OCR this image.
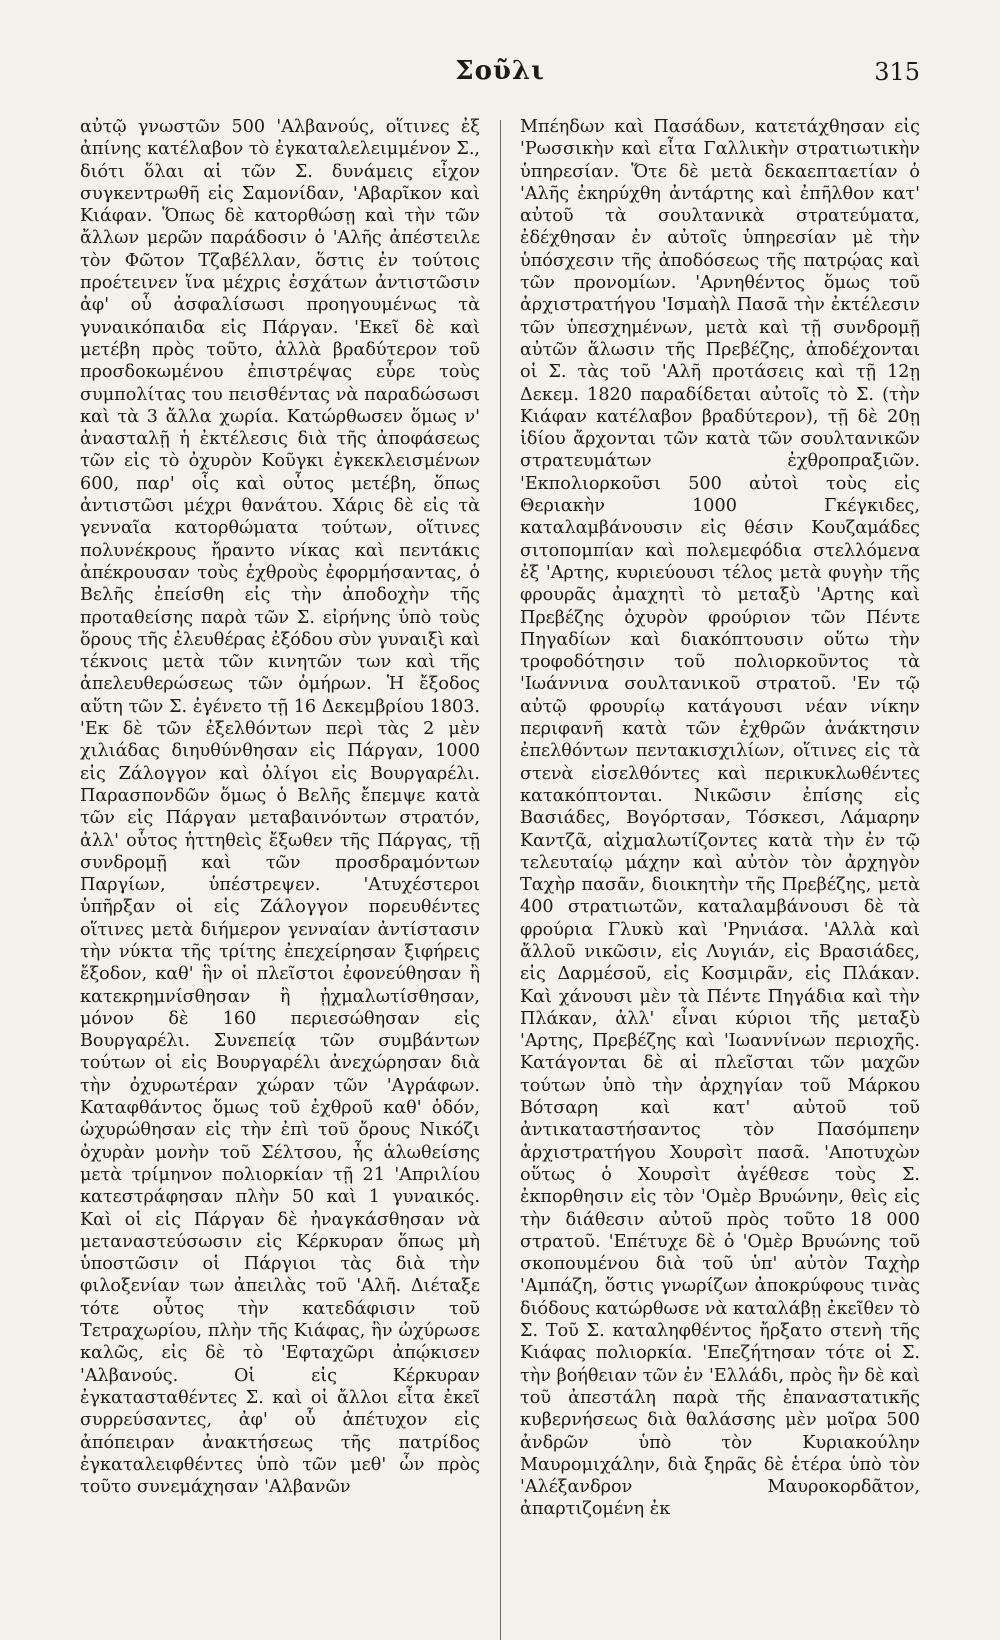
Σοῦλι	315

αὐτῷ γνωστῶν 500 'Αλβανούς, οἵτινες ἐξ ἀπίνης κατέλαβον τὸ ἐγκαταλελειμμένον Σ., διότι ὅλαι αἱ τῶν Σ. δυνάμεις εἶχον συγκεντρωθῆ εἰς Σαμονίδαν, 'Αβαρῖκον καὶ Κιάφαν. Ὅπως δὲ κατορθώσῃ καὶ τὴν τῶν ἄλλων μερῶν παράδοσιν ὁ 'Αλῆς ἀπέστειλε τὸν Φῶτον Τζαβέλλαν, ὅστις ἐν τούτοις προέτεινεν ἵνα μέχρις ἐσχάτων ἀντιστῶσιν ἀφ' οὗ ἀσφαλίσωσι προηγουμένως τὰ γυναικόπαιδα εἰς Πάργαν. 'Εκεῖ δὲ καὶ μετέβη πρὸς τοῦτο, ἀλλὰ βραδύτερον τοῦ προσδοκωμένου ἐπιστρέψας εὗρε τοὺς συμπολίτας του πεισθέντας νὰ παραδώσωσι καὶ τὰ 3 ἄλλα χωρία. Κατώρθωσεν ὅμως ν' ἀνασταλῇ ἡ ἐκτέλεσις διὰ τῆς ἀποφάσεως τῶν εἰς τὸ ὀχυρὸν Κοῦγκι ἐγκεκλεισμένων 600, παρ' οἷς καὶ οὗτος μετέβη, ὅπως ἀντιστῶσι μέχρι θανάτου. Χάρις δὲ εἰς τὰ γενναῖα κατορθώματα τούτων, οἵτινες πολυνέκρους ἤραντο νίκας καὶ πεντάκις ἀπέκρουσαν τοὺς ἐχθροὺς ἐφορμήσαντας, ὁ Βελῆς ἐπείσθη εἰς τὴν ἀποδοχὴν τῆς προταθείσης παρὰ τῶν Σ. εἰρήνης ὑπὸ τοὺς ὅρους τῆς ἐλευθέρας ἐξόδου σὺν γυναιξὶ καὶ τέκνοις μετὰ τῶν κινητῶν των καὶ τῆς ἀπελευθερώσεως τῶν ὁμήρων. Ἡ ἔξοδος αὕτη τῶν Σ. ἐγένετο τῇ 16 Δεκεμβρίου 1803. 'Εκ δὲ τῶν ἐξελθόντων περὶ τὰς 2 μὲν χιλιάδας διηυθύνθησαν εἰς Πάργαν, 1000 εἰς Ζάλογγον καὶ ὀλίγοι εἰς Βουργαρέλι. Παρασπονδῶν ὅμως ὁ Βελῆς ἔπεμψε κατὰ τῶν εἰς Πάργαν μεταβαινόντων στρατόν, ἀλλ' οὗτος ἡττηθεὶς ἔξωθεν τῆς Πάργας, τῇ συνδρομῇ καὶ τῶν προσδραμόντων Παργίων, ὑπέστρεψεν. 'Ατυχέστεροι ὑπῆρξαν οἱ εἰς Ζάλογγον πορευθέντες οἵτινες μετὰ διήμερον γενναίαν ἀντίστασιν τὴν νύκτα τῆς τρίτης ἐπεχείρησαν ξιφήρεις ἔξοδον, καθ' ἣν οἱ πλεῖστοι ἐφονεύθησαν ἢ κατεκρημνίσθησαν ἢ ᾐχμαλωτίσθησαν, μόνον δὲ 160 περιεσώθησαν εἰς Βουργαρέλι. Συνεπείᾳ τῶν συμβάντων τούτων οἱ εἰς Βουργαρέλι ἀνεχώρησαν διὰ τὴν ὀχυρωτέραν χώραν τῶν 'Αγράφων. Καταφθάντος ὅμως τοῦ ἐχθροῦ καθ' ὁδόν, ὠχυρώθησαν εἰς τὴν ἐπὶ τοῦ ὄρους Νικόζι ὀχυρὰν μονὴν τοῦ Σέλτσου, ἧς ἁλωθείσης μετὰ τρίμηνον πολιορκίαν τῇ 21 'Απριλίου κατεστράφησαν πλὴν 50 καὶ 1 γυναικός. Καὶ οἱ εἰς Πάργαν δὲ ἠναγκάσθησαν νὰ μεταναστεύσωσιν εἰς Κέρκυραν ὅπως μὴ ὑποστῶσιν οἱ Πάργιοι τὰς διὰ τὴν φιλοξενίαν των ἀπειλὰς τοῦ 'Αλῆ. Διέταξε τότε οὗτος τὴν κατεδάφισιν τοῦ Τετραχωρίου, πλὴν τῆς Κιάφας, ἣν ὠχύρωσε καλῶς, εἰς δὲ τὸ 'Εφταχῶρι ἀπῴκισεν 'Αλβανούς. Οἱ εἰς Κέρκυραν ἐγκατασταθέντες Σ. καὶ οἱ ἄλλοι εἶτα ἐκεῖ συρρεύσαντες, ἀφ' οὗ ἀπέτυχον εἰς ἀπόπειραν ἀνακτήσεως τῆς πατρίδος ἐγκαταλειφθέντες ὑπὸ τῶν μεθ' ὧν πρὸς τοῦτο συνεμάχησαν 'Αλβανῶν

Μπέηδων καὶ Πασάδων, κατετάχθησαν εἰς 'Ρωσσικὴν καὶ εἶτα Γαλλικὴν στρατιωτικὴν ὑπηρεσίαν. Ὅτε δὲ μετὰ δεκαεπταετίαν ὁ 'Αλῆς ἐκηρύχθη ἀντάρτης καὶ ἐπῆλθον κατ' αὐτοῦ τὰ σουλτανικὰ στρατεύματα, ἐδέχθησαν ἐν αὐτοῖς ὑπηρεσίαν μὲ τὴν ὑπόσχεσιν τῆς ἀποδόσεως τῆς πατρῴας καὶ τῶν προνομίων. 'Αρνηθέντος ὅμως τοῦ ἀρχιστρατήγου 'Ισμαὴλ Πασᾶ τὴν ἐκτέλεσιν τῶν ὑπεσχημένων, μετὰ καὶ τῇ συνδρομῇ αὐτῶν ἅλωσιν τῆς Πρεβέζης, ἀποδέχονται οἱ Σ. τὰς τοῦ 'Αλῆ προτάσεις καὶ τῇ 12ῃ Δεκεμ. 1820 παραδίδεται αὐτοῖς τὸ Σ. (τὴν Κιάφαν κατέλαβον βραδύτερον), τῇ δὲ 20ῃ ἰδίου ἄρχονται τῶν κατὰ τῶν σουλτανικῶν στρατευμάτων ἐχθροπραξιῶν. 'Εκπολιορκοῦσι 500 αὐτοὶ τοὺς εἰς Θεριακὴν 1000 Γκέγκιδες, καταλαμβάνουσιν εἰς θέσιν Κουζαμάδες σιτοπομπίαν καὶ πολεμεφόδια στελλόμενα ἐξ 'Αρτης, κυριεύουσι τέλος μετὰ φυγὴν τῆς φρουρᾶς ἀμαχητὶ τὸ μεταξὺ 'Αρτης καὶ Πρεβέζης ὀχυρὸν φρούριον τῶν Πέντε Πηγαδίων καὶ διακόπτουσιν οὕτω τὴν τροφοδότησιν τοῦ πολιορκοῦντος τὰ 'Ιωάννινα σουλτανικοῦ στρατοῦ. 'Εν τῷ αὐτῷ φρουρίῳ κατάγουσι νέαν νίκην περιφανῆ κατὰ τῶν ἐχθρῶν ἀνάκτησιν ἐπελθόντων πεντακισχιλίων, οἵτινες εἰς τὰ στενὰ εἰσελθόντες καὶ περικυκλωθέντες κατακόπτονται. Νικῶσιν ἐπίσης εἰς Βασιάδες, Βογόρτσαν, Τόσκεσι, Λάμαρην Καντζᾶ, αἰχμαλωτίζοντες κατὰ τὴν ἐν τῷ τελευταίῳ μάχην καὶ αὐτὸν τὸν ἀρχηγὸν Ταχὴρ πασᾶν, διοικητὴν τῆς Πρεβέζης, μετὰ 400 στρατιωτῶν, καταλαμβάνουσι δὲ τὰ φρούρια Γλυκὺ καὶ 'Ρηνιάσα. 'Αλλὰ καὶ ἄλλοῦ νικῶσιν, εἰς Λυγιάν, εἰς Βρασιάδες, εἰς Δαρμέσοῦ, εἰς Κοσμιρᾶν, εἰς Πλάκαν. Καὶ χάνουσι μὲν τὰ Πέντε Πηγάδια καὶ τὴν Πλάκαν, ἀλλ' εἶναι κύριοι τῆς μεταξὺ 'Αρτης, Πρεβέζης καὶ 'Ιωαννίνων περιοχῆς. Κατάγονται δὲ αἱ πλεῖσται τῶν μαχῶν τούτων ὑπὸ τὴν ἀρχηγίαν τοῦ Μάρκου Βότσαρη καὶ κατ' αὐτοῦ τοῦ ἀντικαταστήσαντος τὸν Πασόμπεην ἀρχιστρατήγου Χουρσὶτ πασᾶ. 'Αποτυχὼν οὕτως ὁ Χουρσὶτ ἀγέθεσε τοὺς Σ. ἐκπορθησιν εἰς τὸν 'Ομὲρ Βρυώνην, θεὶς εἰς τὴν διάθεσιν αὐτοῦ πρὸς τοῦτο 18 000 στρατοῦ. 'Επέτυχε δὲ ὁ 'Ομὲρ Βρυώνης τοῦ σκοπουμένου διὰ τοῦ ὑπ' αὐτὸν Ταχὴρ 'Αμπάζη, ὅστις γνωρίζων ἀποκρύφους τινὰς διόδους κατώρθωσε νὰ καταλάβῃ ἐκεῖθεν τὸ Σ. Τοῦ Σ. καταληφθέντος ἤρξατο στενὴ τῆς Κιάφας πολιορκία. 'Επεζήτησαν τότε οἱ Σ. τὴν βοήθειαν τῶν ἐν 'Ελλάδι, πρὸς ἣν δὲ καὶ τοῦ ἀπεστάλη παρὰ τῆς ἐπαναστατικῆς κυβερνήσεως διὰ θαλάσσης μὲν μοῖρα 500 ἀνδρῶν ὑπὸ τὸν Κυριακούλην Μαυρομιχάλην, διὰ ξηρᾶς δὲ ἑτέρα ὑπὸ τὸν 'Αλέξανδρον Μαυροκορδᾶτον, ἀπαρτιζομένη ἐκ
